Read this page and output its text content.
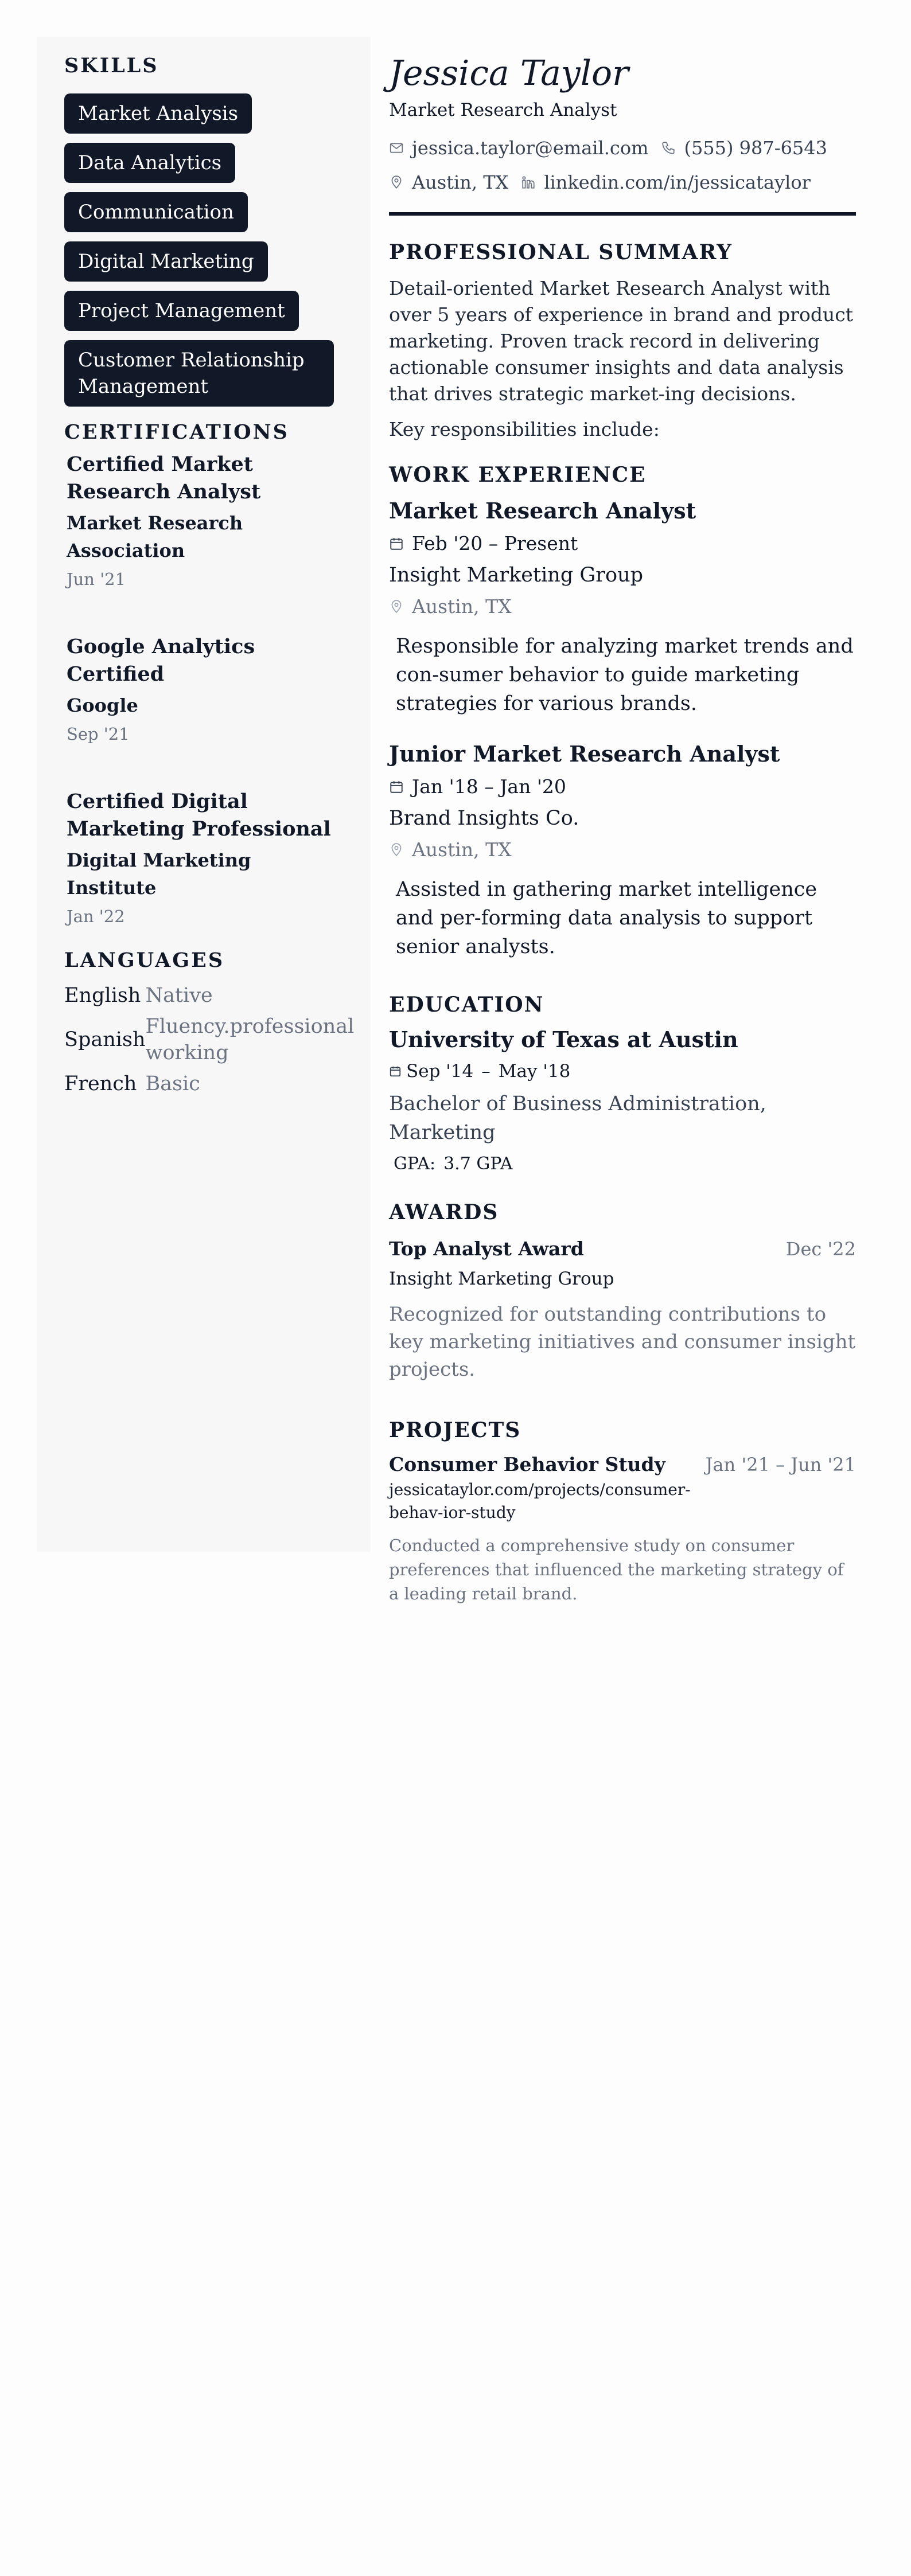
SKILLS
Market Analysis
Data Analytics
Communication
Digital Marketing
Project Management
Customer Relationship Management
CERTIFICATIONS

Certified Market Research Analyst

Market Research Association
Jun '21

Google Analytics Certified

Google
Sep '21

Certified Digital Marketing Professional

Digital Marketing Institute
Jan '22
LANGUAGES
English	Native
Spanish	Fluency.professional working
French	Basic
Jessica Taylor
Market Research Analyst
jessica.taylor@email.com (555) 987-6543
Austin, TX linkedin.com/in/jessicataylor
PROFESSIONAL SUMMARY

Detail-oriented Market Research Analyst with over 5 years of experience in brand and product marketing. Proven track record in delivering actionable consumer insights and data analysis that drives strategic market-ing decisions.

Key responsibilities include:

WORK EXPERIENCE

Market Research Analyst

Feb '20 – Present
Insight Marketing Group
Austin, TX

Responsible for analyzing market trends and con-sumer behavior to guide marketing strategies for various brands.

Junior Market Research Analyst

Jan '18 – Jan '20
Brand Insights Co.
Austin, TX

Assisted in gathering market intelligence and per-forming data analysis to support senior analysts.

EDUCATION
University of Texas at Austin
Sep '14 – May '18
Bachelor of Business Administration, Marketing
GPA: 3.7 GPA
AWARDS
Top Analyst Award	Dec '22
Insight Marketing Group

Recognized for outstanding contributions to key marketing initiatives and consumer insight projects.

PROJECTS
Consumer Behavior Study Jan '21 – Jun '21
jessicataylor.com/projects/consumer-behav-ior-study

Conducted a comprehensive study on consumer preferences that influenced the marketing strategy of a leading retail brand.
